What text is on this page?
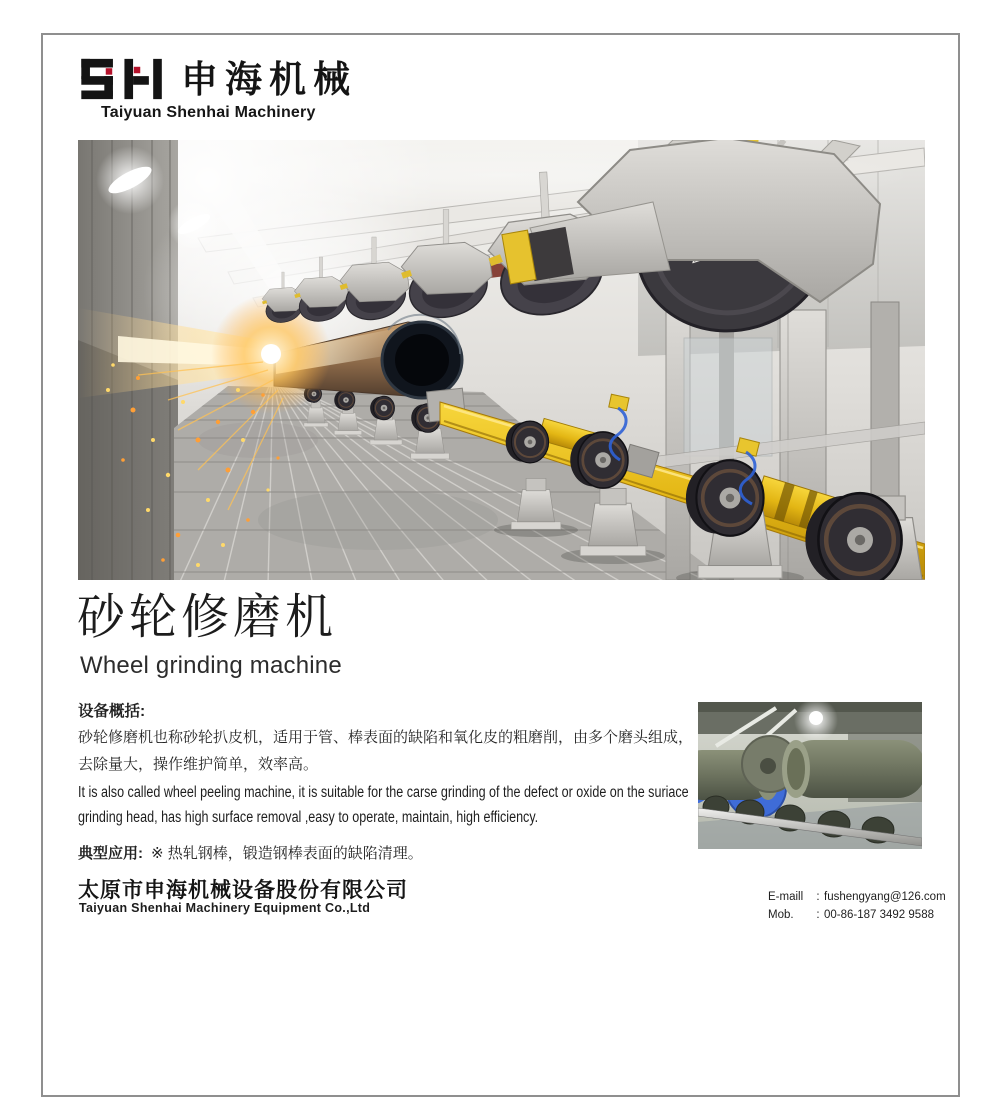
申海机械
Taiyuan Shenhai Machinery
砂轮修磨机
Wheel grinding machine
设备概括:
砂轮修磨机也称砂轮扒皮机，适用于管、棒表面的缺陷和氧化皮的粗磨削，由多个磨头组成，去除量大，操作维护简单，效率高。
It is also called wheel peeling machine, it is suitable for the carse grinding of the defect or oxide on the suriace grinding head, has high surface removal ,easy to operate, maintain, high efficiency.
典型应用: ※ 热轧钢棒，锻造钢棒表面的缺陷清理。
太原市申海机械设备股份有限公司
Taiyuan Shenhai Machinery Equipment Co.,Ltd
E-maill	: fushengyang@126.com
Mob.	: 00-86-187 3492 9588
